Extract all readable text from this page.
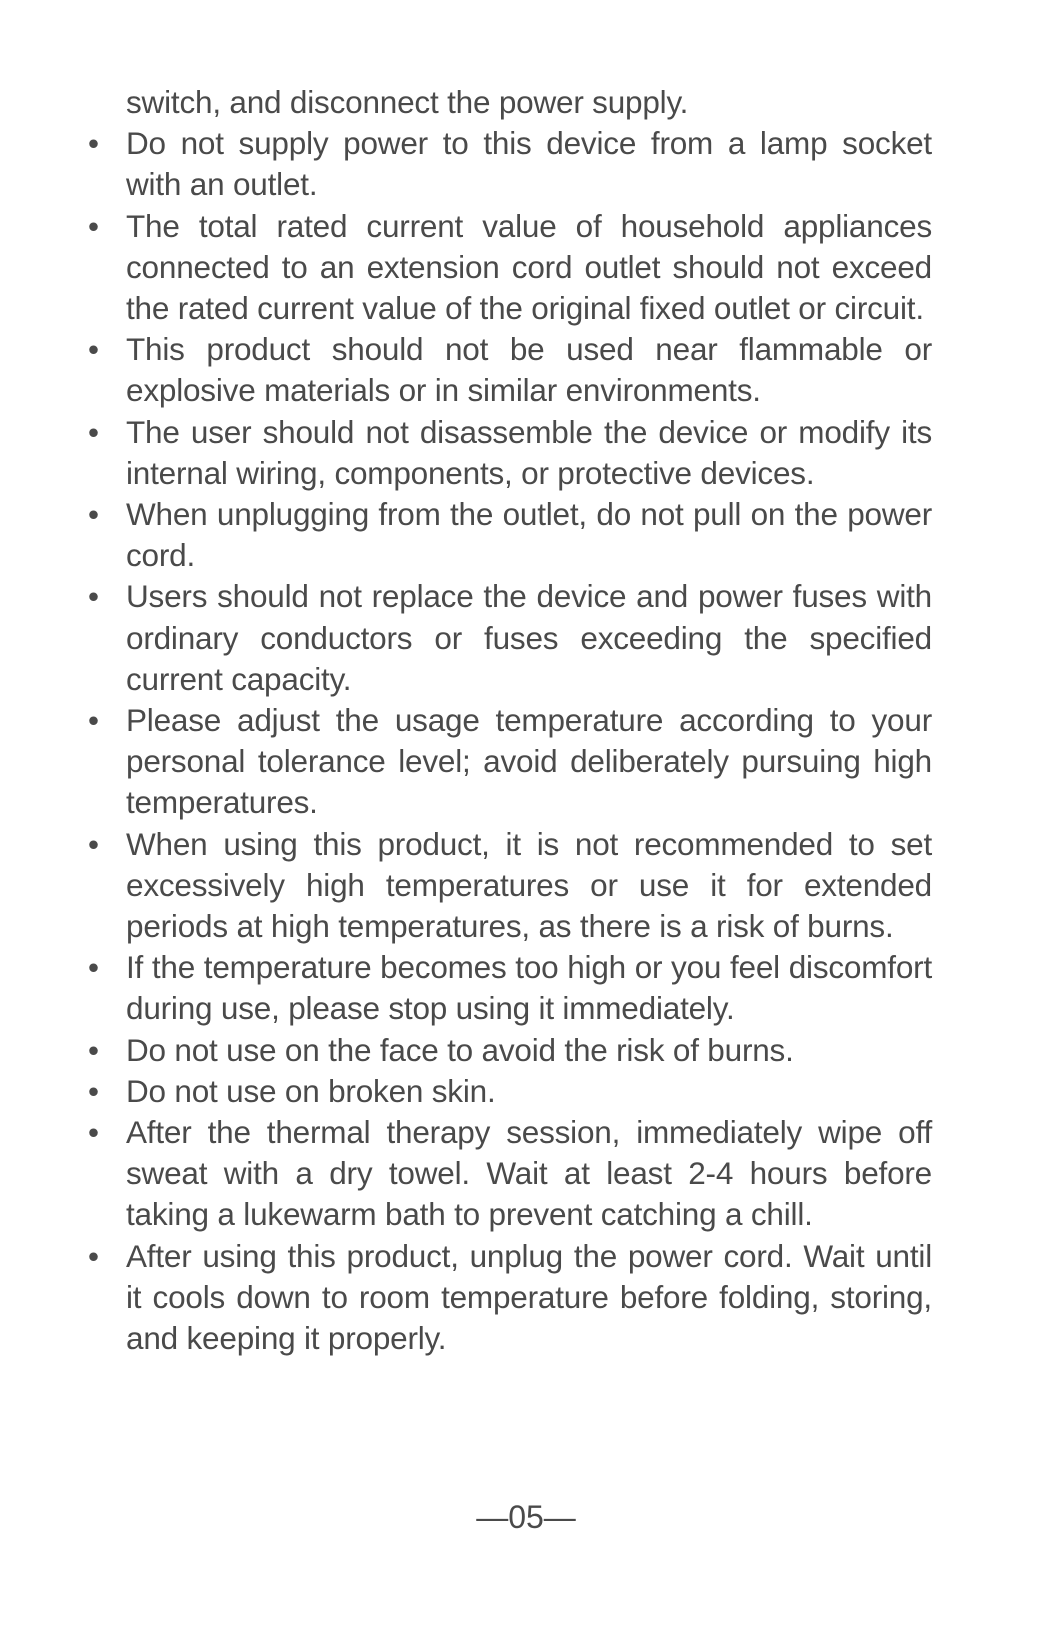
switch, and disconnect the power supply.
• Do not supply power to this device from a lamp socket with an outlet.
• The total rated current value of household appliances connected to an extension cord outlet should not exceed the rated current value of the original fixed outlet or circuit.
• This product should not be used near flammable or explosive materials or in similar environments.
• The user should not disassemble the device or modify its internal wiring, components, or protective devices.
• When unplugging from the outlet, do not pull on the power cord.
• Users should not replace the device and power fuses with ordinary conductors or fuses exceeding the specified current capacity.
• Please adjust the usage temperature according to your personal tolerance level; avoid deliberately pursuing high temperatures.
• When using this product, it is not recommended to set excessively high temperatures or use it for extended periods at high temperatures, as there is a risk of burns.
• If the temperature becomes too high or you feel discomfort during use, please stop using it immediately.
• Do not use on the face to avoid the risk of burns.
• Do not use on broken skin.
• After the thermal therapy session, immediately wipe off sweat with a dry towel. Wait at least 2-4 hours before taking a lukewarm bath to prevent catching a chill.
• After using this product, unplug the power cord. Wait until it cools down to room temperature before folding, storing, and keeping it properly.
—05—
